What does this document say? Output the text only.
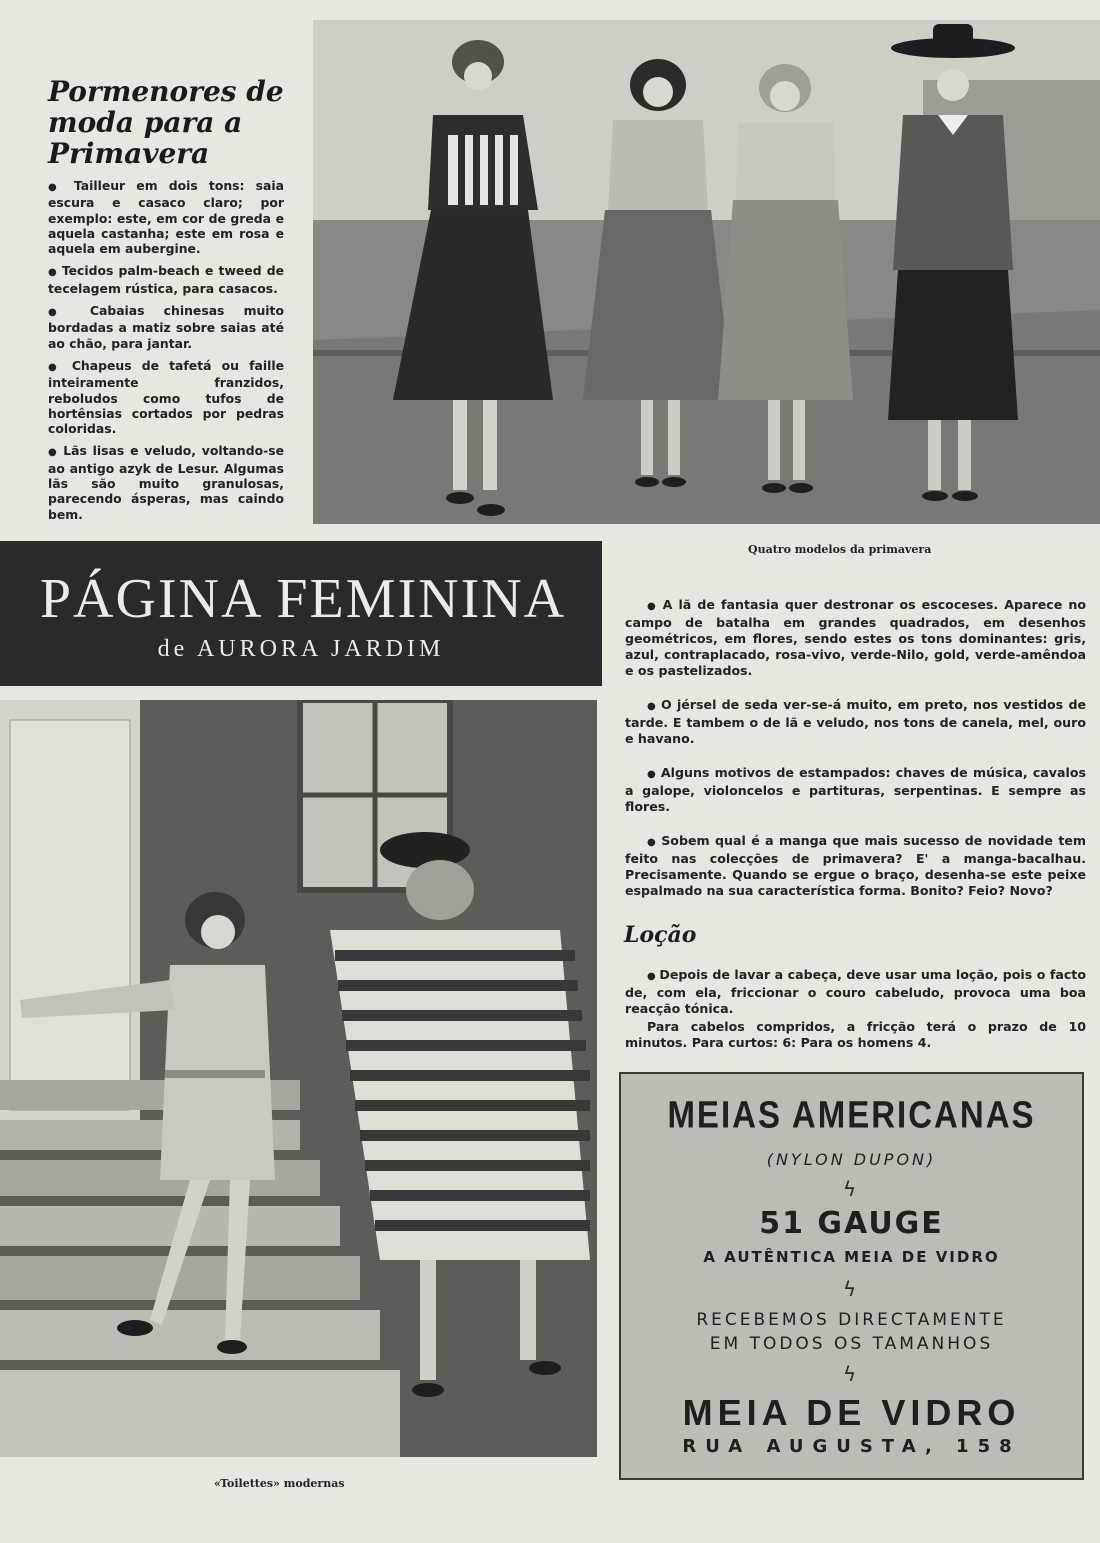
Pormenores de moda para a Primavera

● Tailleur em dois tons: saia escura e casaco claro; por exemplo: este, em cor de greda e aquela castanha; este em rosa e aquela em aubergine.

● Tecidos palm-beach e tweed de tecelagem rústica, para casacos.

● Cabaias chinesas muito bordadas a matiz sobre saias até ao chão, para jantar.

● Chapeus de tafetá ou faille inteiramente franzidos, reboludos como tufos de hortênsias cortados por pedras coloridas.

● Lãs lisas e veludo, voltando-se ao antigo azyk de Lesur. Algumas lãs são muito granulosas, parecendo ásperas, mas caindo bem.

Quatro modelos da primavera
PÁGINA FEMININA
de AURORA JARDIM

● A lã de fantasia quer destronar os escoceses. Aparece no campo de batalha em grandes quadrados, em desenhos geométricos, em flores, sendo estes os tons dominantes: gris, azul, contraplacado, rosa-vivo, verde-Nilo, gold, verde-amêndoa e os pastelizados.

● O jérsel de seda ver-se-á muito, em preto, nos vestidos de tarde. E tambem o de lã e veludo, nos tons de canela, mel, ouro e havano.

● Alguns motivos de estampados: chaves de música, cavalos a galope, violoncelos e partituras, serpentinas. E sempre as flores.

● Sobem qual é a manga que mais sucesso de novidade tem feito nas colecções de primavera? E' a manga-bacalhau. Precisamente. Quando se ergue o braço, desenha-se este peixe espalmado na sua característica forma. Bonito? Feio? Novo?

Loção

● Depois de lavar a cabeça, deve usar uma loção, pois o facto de, com ela, friccionar o couro cabeludo, provoca uma boa reacção tónica.

Para cabelos compridos, a fricção terá o prazo de 10 minutos. Para curtos: 6: Para os homens 4.

«Toilettes» modernas
MEIAS AMERICANAS
(NYLON DUPON)
ϟ
51 GAUGE
A AUTÊNTICA MEIA DE VIDRO
ϟ
RECEBEMOS DIRECTAMENTE
EM TODOS OS TAMANHOS
ϟ
MEIA DE VIDRO
RUA AUGUSTA, 158
